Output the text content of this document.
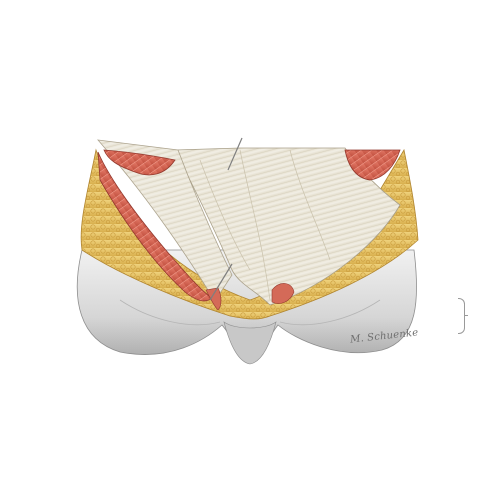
M. Schuenke
